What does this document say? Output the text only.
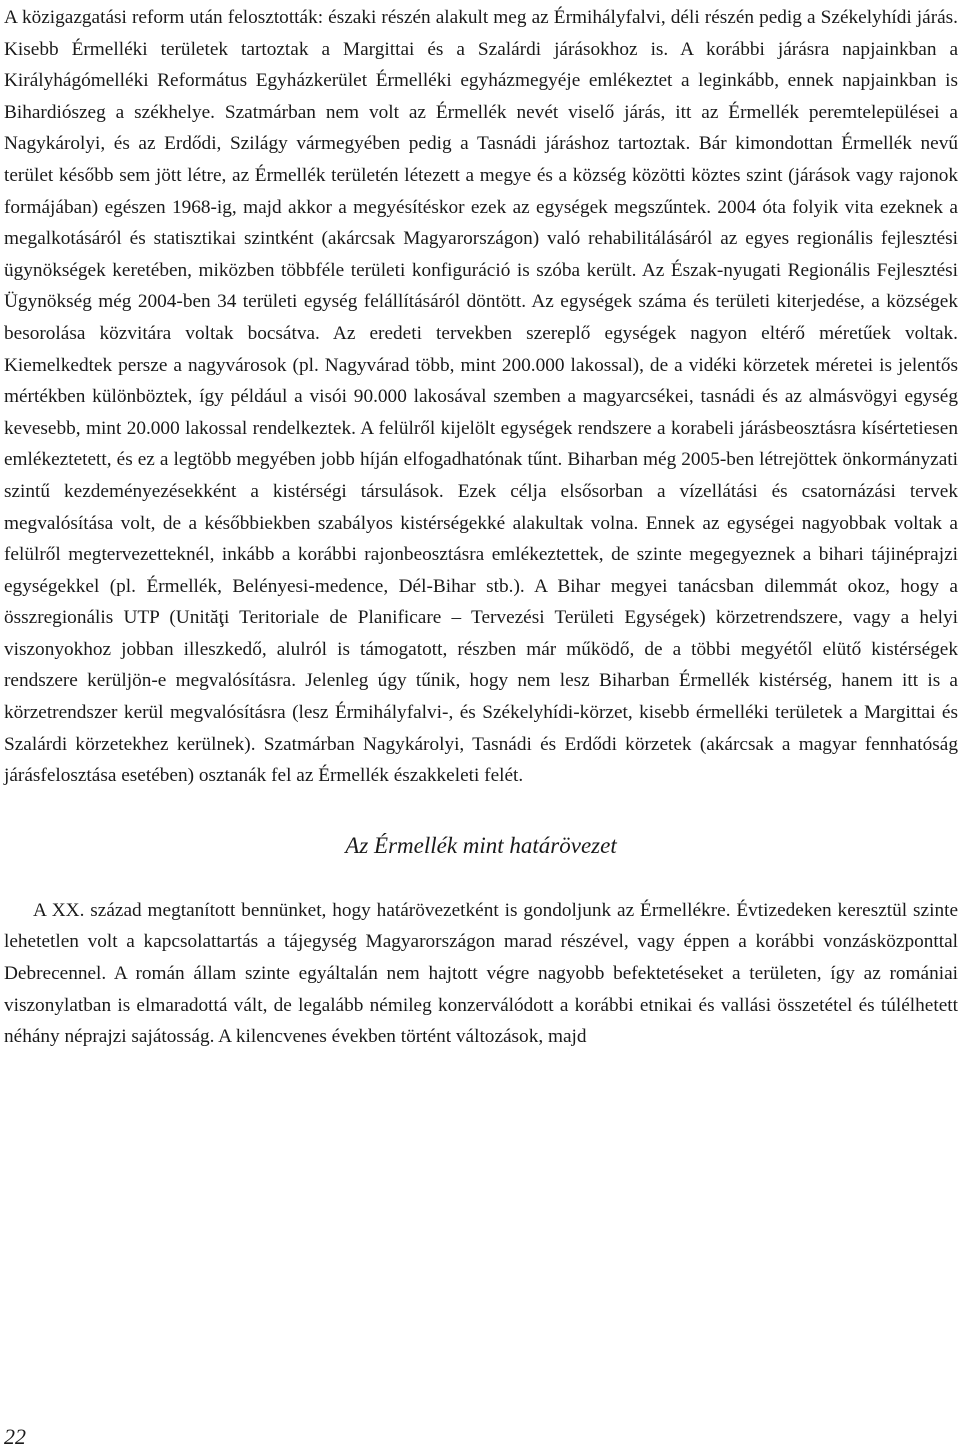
A közigazgatási reform után felosztották: északi részén alakult meg az Érmihályfalvi, déli részén pedig a Székelyhídi járás. Kisebb Érmelléki területek tartoztak a Margittai és a Szalárdi járásokhoz is. A korábbi járásra napjainkban a Királyhágómelléki Református Egyházkerület Érmelléki egyházmegyéje emlékeztet a leginkább, ennek napjainkban is Bihardiószeg a székhelye. Szatmárban nem volt az Érmellék nevét viselő járás, itt az Érmellék peremtelepülései a Nagykárolyi, és az Erdődi, Szilágy vármegyében pedig a Tasnádi járáshoz tartoztak. Bár kimondottan Érmellék nevű terület később sem jött létre, az Érmellék területén létezett a megye és a község közötti köztes szint (járások vagy rajonok formájában) egészen 1968-ig, majd akkor a megyésítéskor ezek az egységek megszűntek. 2004 óta folyik vita ezeknek a megalkotásáról és statisztikai szintként (akárcsak Magyarországon) való rehabilitálásáról az egyes regionális fejlesztési ügynökségek keretében, miközben többféle területi konfiguráció is szóba került. Az Észak-nyugati Regionális Fejlesztési Ügynökség még 2004-ben 34 területi egység felállításáról döntött. Az egységek száma és területi kiterjedése, a községek besorolása közvitára voltak bocsátva. Az eredeti tervekben szereplő egységek nagyon eltérő méretűek voltak. Kiemelkedtek persze a nagyvárosok (pl. Nagyvárad több, mint 200.000 lakossal), de a vidéki körzetek méretei is jelentős mértékben különböztek, így például a visói 90.000 lakosával szemben a magyarcsékei, tasnádi és az almásvögyi egység kevesebb, mint 20.000 lakossal rendelkeztek. A felülről kijelölt egységek rendszere a korabeli járásbeosztásra kísértetiesen emlékeztetett, és ez a legtöbb megyében jobb híján elfogadhatónak tűnt. Biharban még 2005-ben létrejöttek önkormányzati szintű kezdeményezésekként a kistérségi társulások. Ezek célja elsősorban a vízellátási és csatornázási tervek megvalósítása volt, de a későbbiekben szabályos kistérségekké alakultak volna. Ennek az egységei nagyobbak voltak a felülről megtervezetteknél, inkább a korábbi rajonbeosztásra emlékeztettek, de szinte megegyeznek a bihari tájinéprajzi egységekkel (pl. Érmellék, Belényesi-medence, Dél-Bihar stb.). A Bihar megyei tanácsban dilemmát okoz, hogy a összregionális UTP (Unităţi Teritoriale de Planificare – Tervezési Területi Egységek) körzetrendszere, vagy a helyi viszonyokhoz jobban illeszkedő, alulról is támogatott, részben már működő, de a többi megyétől elütő kistérségek rendszere kerüljön-e megvalósításra. Jelenleg úgy tűnik, hogy nem lesz Biharban Érmellék kistérség, hanem itt is a körzetrendszer kerül megvalósításra (lesz Érmihályfalvi-, és Székelyhídi-körzet, kisebb érmelléki területek a Margittai és Szalárdi körzetekhez kerülnek). Szatmárban Nagykárolyi, Tasnádi és Erdődi körzetek (akárcsak a magyar fennhatóság járásfelosztása esetében) osztanák fel az Érmellék északkeleti felét.

Az Érmellék mint határövezet

A XX. század megtanított bennünket, hogy határövezetként is gondoljunk az Érmellékre. Évtizedeken keresztül szinte lehetetlen volt a kapcsolattartás a tájegység Magyarországon marad részével, vagy éppen a korábbi vonzásközponttal Debrecennel. A román állam szinte egyáltalán nem hajtott végre nagyobb befektetéseket a területen, így az romániai viszonylatban is elmaradottá vált, de legalább némileg konzerválódott a korábbi etnikai és vallási összetétel és túlélhetett néhány néprajzi sajátosság. A kilencvenes években történt változások, majd

22
